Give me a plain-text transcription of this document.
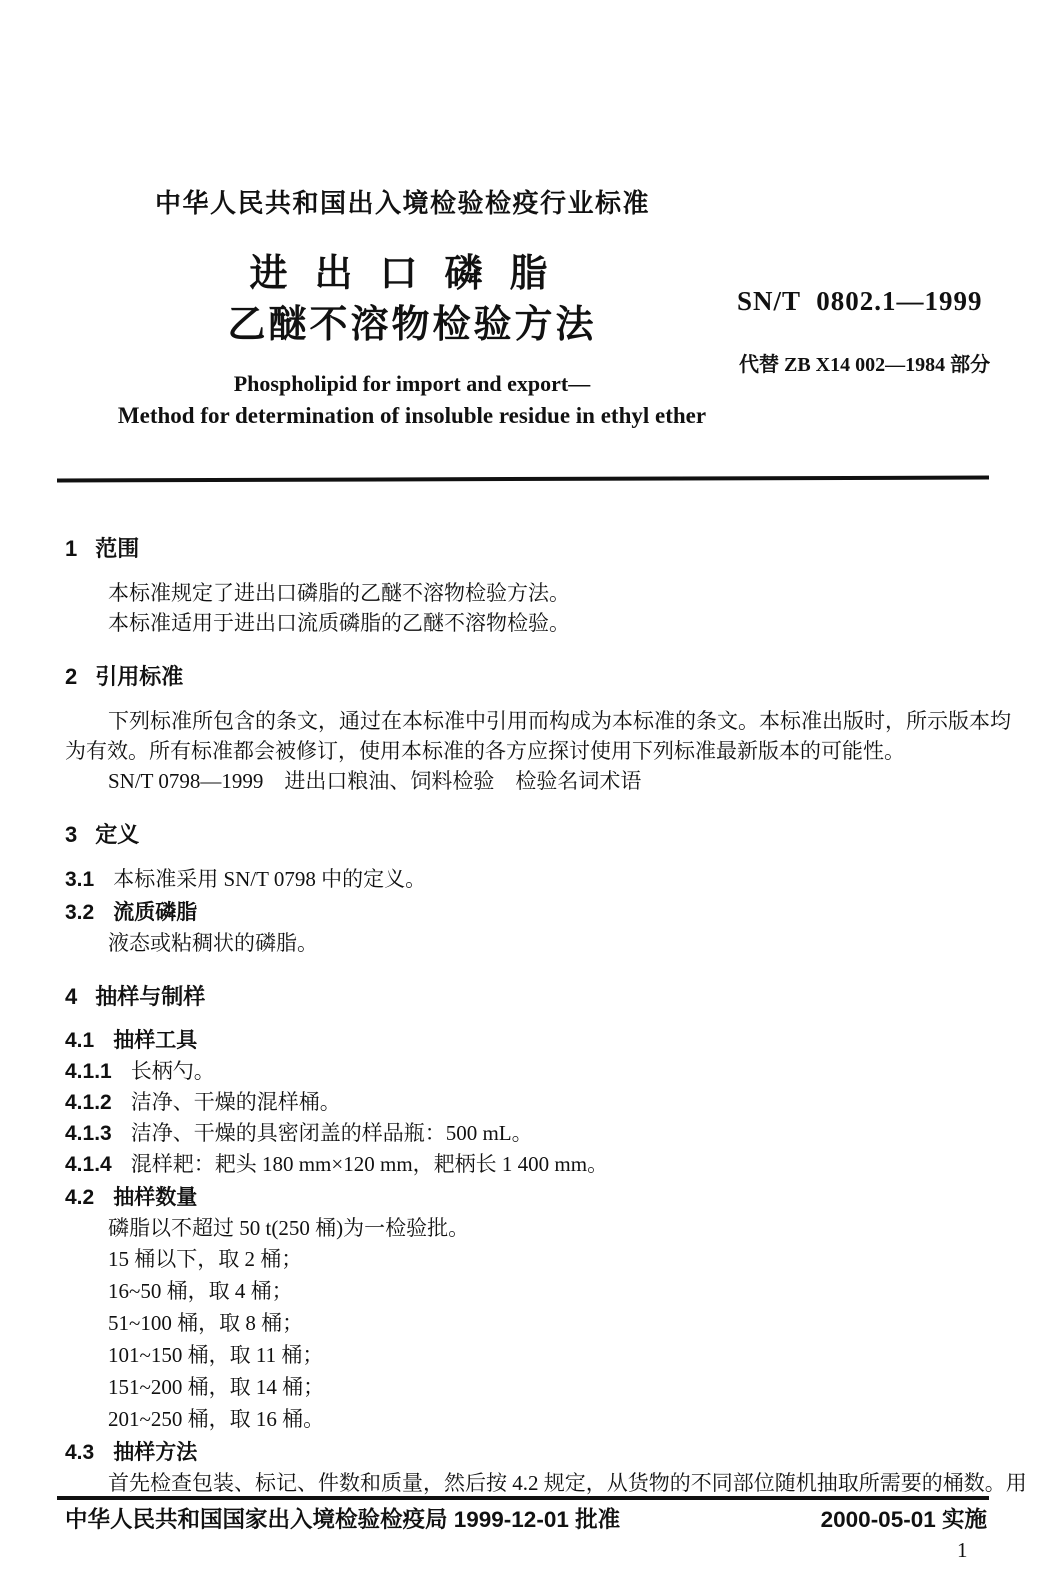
中华人民共和国出入境检验检疫行业标准
进出口磷脂
乙醚不溶物检验方法
Phospholipid for import and export—
Method for determination of insoluble residue in ethyl ether
SN/T 0802.1—1999
代替 ZB X14 002—1984 部分
1 范围
本标准规定了进出口磷脂的乙醚不溶物检验方法。
本标准适用于进出口流质磷脂的乙醚不溶物检验。
2 引用标准
下列标准所包含的条文，通过在本标准中引用而构成为本标准的条文。本标准出版时，所示版本均
为有效。所有标准都会被修订，使用本标准的各方应探讨使用下列标准最新版本的可能性。
SN/T 0798—1999　进出口粮油、饲料检验　检验名词术语
3 定义
3.1 本标准采用 SN/T 0798 中的定义。
3.2 流质磷脂
液态或粘稠状的磷脂。
4 抽样与制样
4.1 抽样工具
4.1.1 长柄勺。
4.1.2 洁净、干燥的混样桶。
4.1.3 洁净、干燥的具密闭盖的样品瓶：500 mL。
4.1.4 混样耙：耙头 180 mm×120 mm，耙柄长 1 400 mm。
4.2 抽样数量
磷脂以不超过 50 t(250 桶)为一检验批。
15 桶以下，取 2 桶；
16~50 桶，取 4 桶；
51~100 桶，取 8 桶；
101~150 桶，取 11 桶；
151~200 桶，取 14 桶；
201~250 桶，取 16 桶。
4.3 抽样方法
首先检查包装、标记、件数和质量，然后按 4.2 规定，从货物的不同部位随机抽取所需要的桶数。用
中华人民共和国国家出入境检验检疫局 1999-12-01 批准	2000-05-01 实施
1
